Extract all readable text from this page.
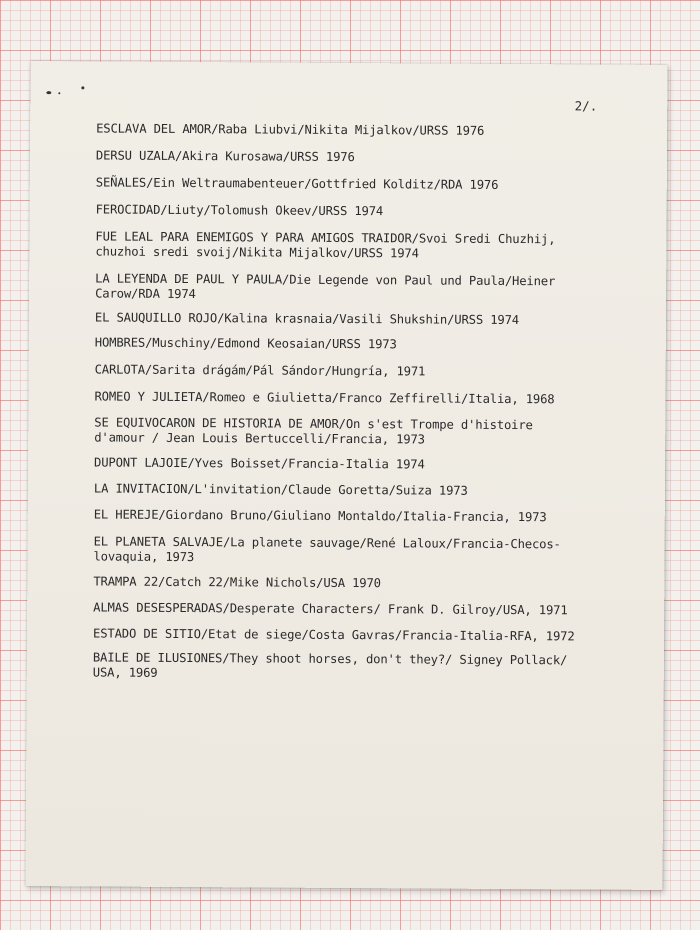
2/.
ESCLAVA DEL AMOR/Raba Liubvi/Nikita Mijalkov/URSS 1976
DERSU UZALA/Akira Kurosawa/URSS 1976
SEÑALES/Ein Weltraumabenteuer/Gottfried Kolditz/RDA 1976
FEROCIDAD/Liuty/Tolomush Okeev/URSS 1974
FUE LEAL PARA ENEMIGOS Y PARA AMIGOS TRAIDOR/Svoi Sredi Chuzhij,
chuzhoi sredi svoij/Nikita Mijalkov/URSS 1974
LA LEYENDA DE PAUL Y PAULA/Die Legende von Paul und Paula/Heiner
Carow/RDA 1974
EL SAUQUILLO ROJO/Kalina krasnaia/Vasili Shukshin/URSS 1974
HOMBRES/Muschiny/Edmond Keosaian/URSS 1973
CARLOTA/Sarita drágám/Pál Sándor/Hungría, 1971
ROMEO Y JULIETA/Romeo e Giulietta/Franco Zeffirelli/Italia, 1968
SE EQUIVOCARON DE HISTORIA DE AMOR/On s'est Trompe d'histoire
d'amour / Jean Louis Bertuccelli/Francia, 1973
DUPONT LAJOIE/Yves Boisset/Francia-Italia 1974
LA INVITACION/L'invitation/Claude Goretta/Suiza 1973
EL HEREJE/Giordano Bruno/Giuliano Montaldo/Italia-Francia, 1973
EL PLANETA SALVAJE/La planete sauvage/René Laloux/Francia-Checos-
lovaquia, 1973
TRAMPA 22/Catch 22/Mike Nichols/USA 1970
ALMAS DESESPERADAS/Desperate Characters/ Frank D. Gilroy/USA, 1971
ESTADO DE SITIO/Etat de siege/Costa Gavras/Francia-Italia-RFA, 1972
BAILE DE ILUSIONES/They shoot horses, don't they?/ Signey Pollack/
USA, 1969
